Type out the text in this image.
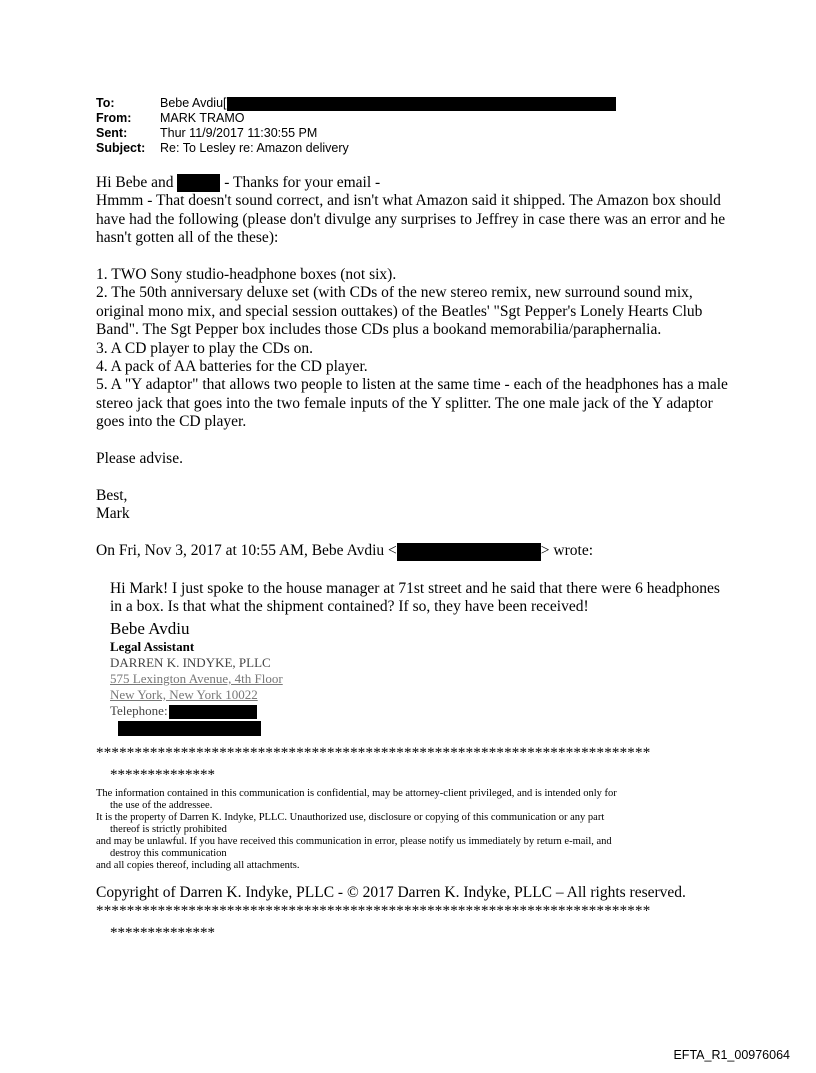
To:	Bebe Avdiu[
From: MARK TRAMO
Sent:	Thur 11/9/2017 11:30:55 PM
Subject: Re: To Lesley re: Amazon delivery

Hi Bebe and	- Thanks for your email -

Hmmm - That doesn't sound correct, and isn't what Amazon said it shipped. The Amazon box should have had the following (please don't divulge any surprises to Jeffrey in case there was an error and he hasn't gotten all of the these):

1. TWO Sony studio-headphone boxes (not six).

2. The 50th anniversary deluxe set (with CDs of the new stereo remix, new surround sound mix, original mono mix, and special session outtakes) of the Beatles' "Sgt Pepper's Lonely Hearts Club Band". The Sgt Pepper box includes those CDs plus a bookand memorabilia/paraphernalia.

3. A CD player to play the CDs on.

4. A pack of AA batteries for the CD player.

5. A "Y adaptor" that allows two people to listen at the same time - each of the headphones has a male stereo jack that goes into the two female inputs of the Y splitter. The one male jack of the Y adaptor goes into the CD player.

Please advise.

Best,

Mark

On Fri, Nov 3, 2017 at 10:55 AM, Bebe Avdiu <	> wrote:

Hi Mark! I just spoke to the house manager at 71st street and he said that there were 6 headphones in a box. Is that what the shipment contained? If so, they have been received!
Bebe Avdiu
Legal Assistant
DARREN K. INDYKE, PLLC
575 Lexington Avenue, 4th Floor
New York, New York 10022
Telephone:
************************************************************************
**************

The information contained in this communication is confidential, may be attorney-client privileged, and is intended only for

the use of the addressee.

It is the property of Darren K. Indyke, PLLC. Unauthorized use, disclosure or copying of this communication or any part

thereof is strictly prohibited

and may be unlawful. If you have received this communication in error, please notify us immediately by return e-mail, and

destroy this communication

and all copies thereof, including all attachments.

Copyright of Darren K. Indyke, PLLC - © 2017 Darren K. Indyke, PLLC – All rights reserved.
************************************************************************
**************
EFTA_R1_00976064
